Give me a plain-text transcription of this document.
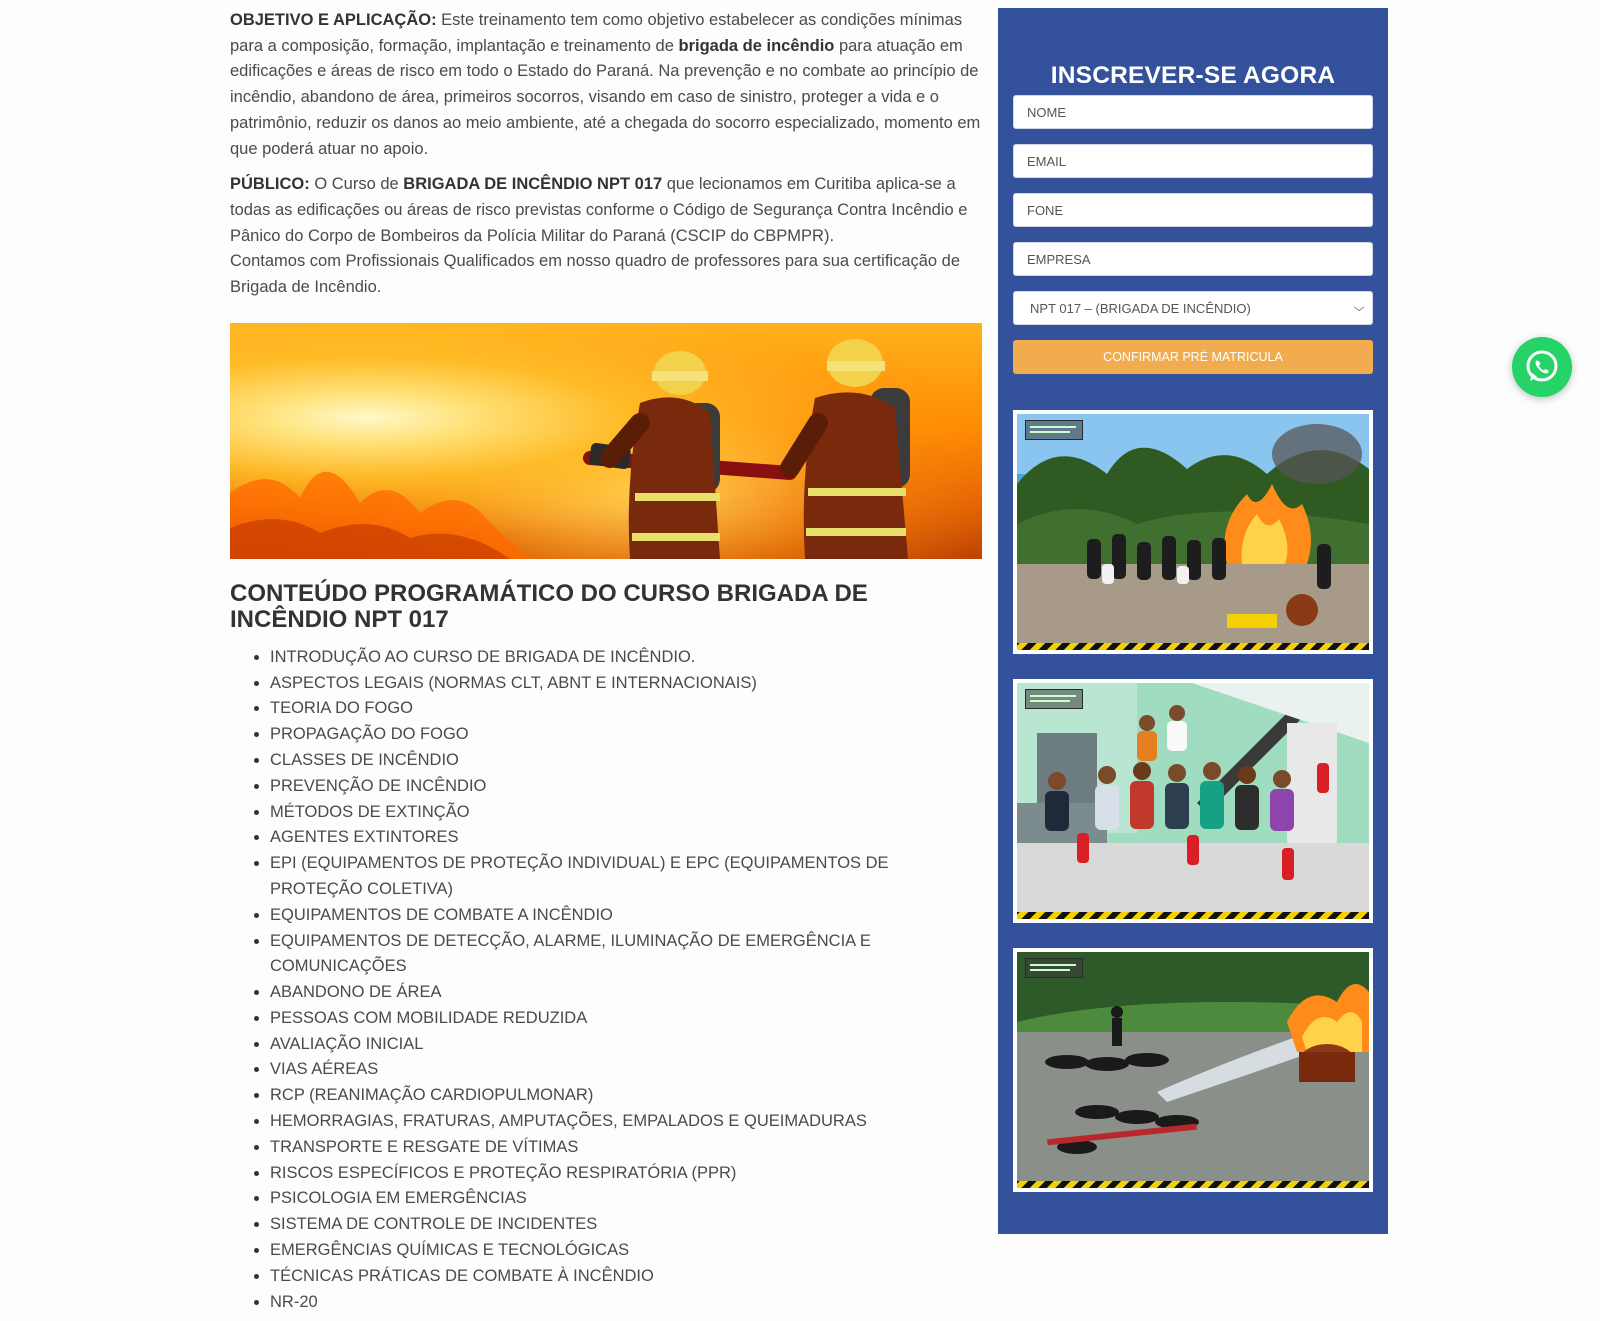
OBJETIVO E APLICAÇÃO: Este treinamento tem como objetivo estabelecer as condições mínimas para a composição, formação, implantação e treinamento de brigada de incêndio para atuação em edificações e áreas de risco em todo o Estado do Paraná. Na prevenção e no combate ao princípio de incêndio, abandono de área, primeiros socorros, visando em caso de sinistro, proteger a vida e o patrimônio, reduzir os danos ao meio ambiente, até a chegada do socorro especializado, momento em que poderá atuar no apoio.

PÚBLICO: O Curso de BRIGADA DE INCÊNDIO NPT 017 que lecionamos em Curitiba aplica-se a todas as edificações ou áreas de risco previstas conforme o Código de Segurança Contra Incêndio e Pânico do Corpo de Bombeiros da Polícia Militar do Paraná (CSCIP do CBPMPR).

Contamos com Profissionais Qualificados em nosso quadro de professores para sua certificação de Brigada de Incêndio.

CONTEÚDO PROGRAMÁTICO DO CURSO BRIGADA DE INCÊNDIO NPT 017
• INTRODUÇÃO AO CURSO DE BRIGADA DE INCÊNDIO.
• ASPECTOS LEGAIS (NORMAS CLT, ABNT E INTERNACIONAIS)
• TEORIA DO FOGO
• PROPAGAÇÃO DO FOGO
• CLASSES DE INCÊNDIO
• PREVENÇÃO DE INCÊNDIO
• MÉTODOS DE EXTINÇÃO
• AGENTES EXTINTORES
• EPI (EQUIPAMENTOS DE PROTEÇÃO INDIVIDUAL) E EPC (EQUIPAMENTOS DE PROTEÇÃO COLETIVA)
• EQUIPAMENTOS DE COMBATE A INCÊNDIO
• EQUIPAMENTOS DE DETECÇÃO, ALARME, ILUMINAÇÃO DE EMERGÊNCIA E COMUNICAÇÕES
• ABANDONO DE ÁREA
• PESSOAS COM MOBILIDADE REDUZIDA
• AVALIAÇÃO INICIAL
• VIAS AÉREAS
• RCP (REANIMAÇÃO CARDIOPULMONAR)
• HEMORRAGIAS, FRATURAS, AMPUTAÇÕES, EMPALADOS E QUEIMADURAS
• TRANSPORTE E RESGATE DE VÍTIMAS
• RISCOS ESPECÍFICOS E PROTEÇÃO RESPIRATÓRIA (PPR)
• PSICOLOGIA EM EMERGÊNCIAS
• SISTEMA DE CONTROLE DE INCIDENTES
• EMERGÊNCIAS QUÍMICAS E TECNOLÓGICAS
• TÉCNICAS PRÁTICAS DE COMBATE À INCÊNDIO
• NR-20
INSCREVER-SE AGORA
NOME
EMAIL
FONE
EMPRESA
NPT 017 – (BRIGADA DE INCÊNDIO)	⌵
CONFIRMAR PRÉ MATRICULA
